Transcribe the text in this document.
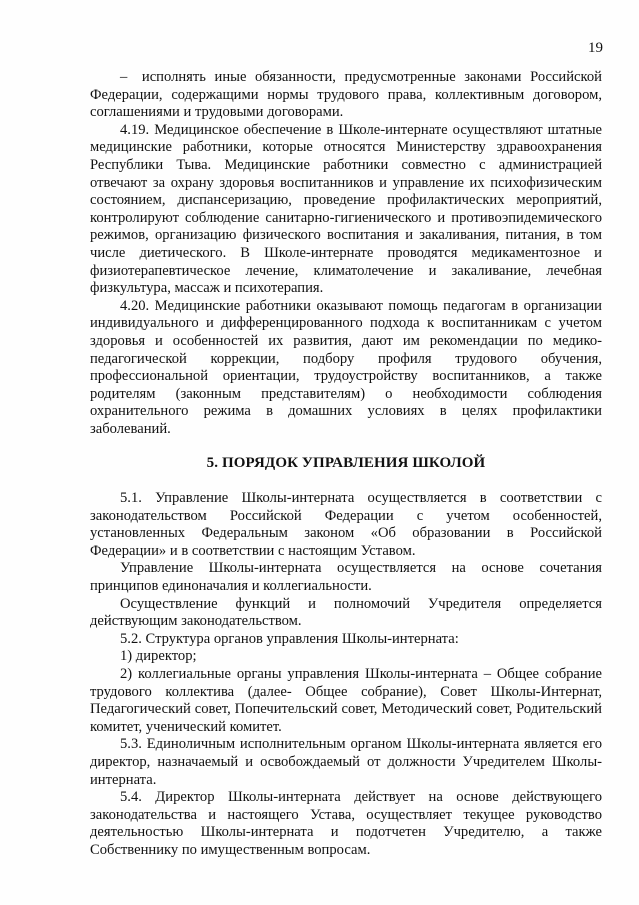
19

– исполнять иные обязанности, предусмотренные законами Российской Федерации, содержащими нормы трудового права, коллективным договором, соглашениями и трудовыми договорами.

4.19. Медицинское обеспечение в Школе-интернате осуществляют штатные медицинские работники, которые относятся Министерству здравоохранения Республики Тыва. Медицинские работники совместно с администрацией отвечают за охрану здоровья воспитанников и управление их психофизическим состоянием, диспансеризацию, проведение профилактических мероприятий, контролируют соблюдение санитарно-гигиенического и противоэпидемического режимов, организацию физического воспитания и закаливания, питания, в том числе диетического. В Школе-интернате проводятся медикаментозное и физиотерапевтическое лечение, климатолечение и закаливание, лечебная физкультура, массаж и психотерапия.

4.20. Медицинские работники оказывают помощь педагогам в организации индивидуального и дифференцированного подхода к воспитанникам с учетом здоровья и особенностей их развития, дают им рекомендации по медико-педагогической коррекции, подбору профиля трудового обучения, профессиональной ориентации, трудоустройству воспитанников, а также родителям (законным представителям) о необходимости соблюдения охранительного режима в домашних условиях в целях профилактики заболеваний.

5. ПОРЯДОК УПРАВЛЕНИЯ ШКОЛОЙ

5.1. Управление Школы-интерната осуществляется в соответствии с законодательством Российской Федерации с учетом особенностей, установленных Федеральным законом «Об образовании в Российской Федерации» и в соответствии с настоящим Уставом.

Управление Школы-интерната осуществляется на основе сочетания принципов единоначалия и коллегиальности.

Осуществление функций и полномочий Учредителя определяется действующим законодательством.

5.2. Структура органов управления Школы-интерната:

1) директор;

2) коллегиальные органы управления Школы-интерната – Общее собрание трудового коллектива (далее- Общее собрание), Совет Школы-Интернат, Педагогический совет, Попечительский совет, Методический совет, Родительский комитет, ученический комитет.

5.3. Единоличным исполнительным органом Школы-интерната является его директор, назначаемый и освобождаемый от должности Учредителем Школы-интерната.

5.4. Директор Школы-интерната действует на основе действующего законодательства и настоящего Устава, осуществляет текущее руководство деятельностью Школы-интерната и подотчетен Учредителю, а также Собственнику по имущественным вопросам.
